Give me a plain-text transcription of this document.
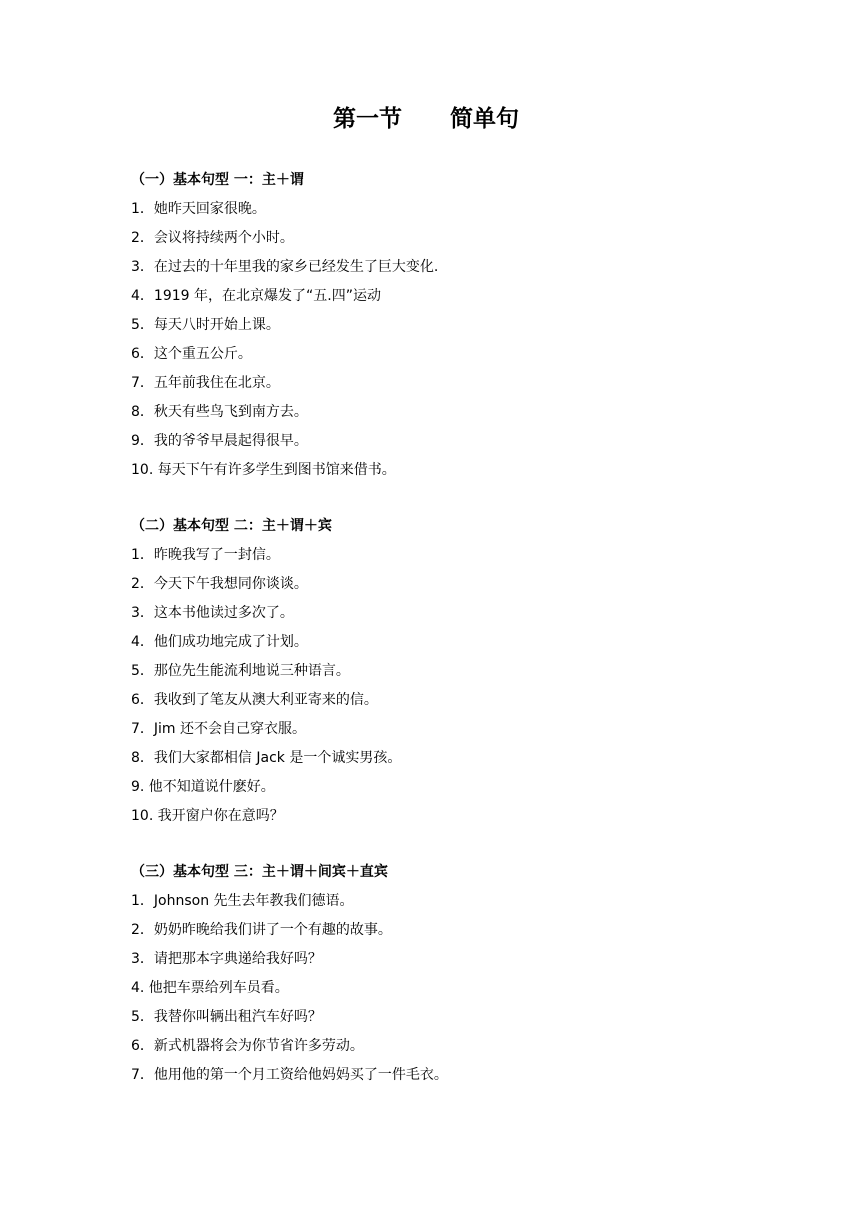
第一节      简单句
（一）基本句型 一：主＋谓
1．她昨天回家很晚。
2．会议将持续两个小时。
3．在过去的十年里我的家乡已经发生了巨大变化.
4．1919 年，在北京爆发了“五.四”运动
5．每天八时开始上课。
6．这个重五公斤。
7．五年前我住在北京。
8．秋天有些鸟飞到南方去。
9．我的爷爷早晨起得很早。
10. 每天下午有许多学生到图书馆来借书。
（二）基本句型 二：主＋谓＋宾
1．昨晚我写了一封信。
2．今天下午我想同你谈谈。
3．这本书他读过多次了。
4．他们成功地完成了计划。
5．那位先生能流利地说三种语言。
6．我收到了笔友从澳大利亚寄来的信。
7．Jim 还不会自己穿衣服。
8．我们大家都相信 Jack 是一个诚实男孩。
9. 他不知道说什麽好。
10. 我开窗户你在意吗？
（三）基本句型 三：主＋谓＋间宾＋直宾
1．Johnson 先生去年教我们德语。
2．奶奶昨晚给我们讲了一个有趣的故事。
3．请把那本字典递给我好吗？
4. 他把车票给列车员看。
5．我替你叫辆出租汽车好吗？
6．新式机器将会为你节省许多劳动。
7．他用他的第一个月工资给他妈妈买了一件毛衣。
